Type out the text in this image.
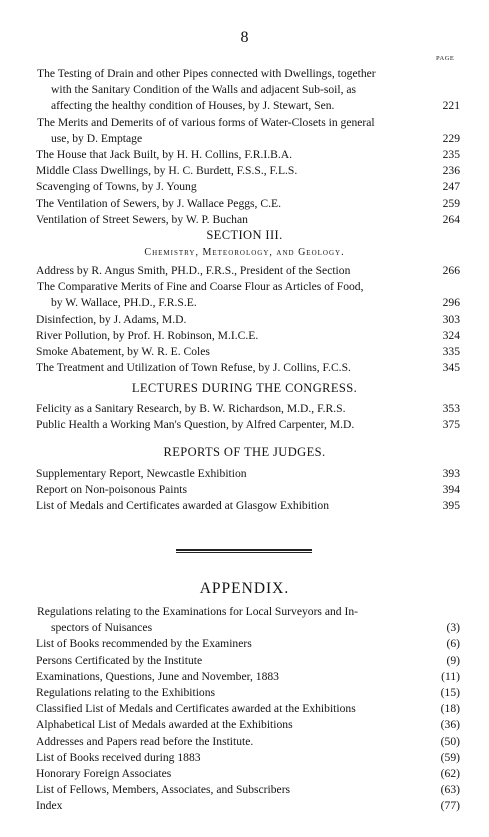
8
PAGE
The Testing of Drain and other Pipes connected with Dwellings, together
with the Sanitary Condition of the Walls and adjacent Sub-soil, as
affecting the healthy condition of Houses, by J. Stewart, Sen.	221
The Merits and Demerits of of various forms of Water-Closets in general
use, by D. Emptage	229
The House that Jack Built, by H. H. Collins, F.R.I.B.A.	235
Middle Class Dwellings, by H. C. Burdett, F.S.S., F.L.S.	236
Scavenging of Towns, by J. Young	247
The Ventilation of Sewers, by J. Wallace Peggs, C.E.	259
Ventilation of Street Sewers, by W. P. Buchan	264
SECTION III.
Chemistry, Meteorology, and Geology.
Address by R. Angus Smith, PH.D., F.R.S., President of the Section	266
The Comparative Merits of Fine and Coarse Flour as Articles of Food,
by W. Wallace, PH.D., F.R.S.E.	296
Disinfection, by J. Adams, M.D.	303
River Pollution, by Prof. H. Robinson, M.I.C.E.	324
Smoke Abatement, by W. R. E. Coles	335
The Treatment and Utilization of Town Refuse, by J. Collins, F.C.S.	345
LECTURES DURING THE CONGRESS.
Felicity as a Sanitary Research, by B. W. Richardson, M.D., F.R.S.	353
Public Health a Working Man's Question, by Alfred Carpenter, M.D.	375
REPORTS OF THE JUDGES.
Supplementary Report, Newcastle Exhibition	393
Report on Non-poisonous Paints	394
List of Medals and Certificates awarded at Glasgow Exhibition	395
APPENDIX.
Regulations relating to the Examinations for Local Surveyors and In-
spectors of Nuisances	(3)
List of Books recommended by the Examiners	(6)
Persons Certificated by the Institute	(9)
Examinations, Questions, June and November, 1883	(11)
Regulations relating to the Exhibitions	(15)
Classified List of Medals and Certificates awarded at the Exhibitions	(18)
Alphabetical List of Medals awarded at the Exhibitions	(36)
Addresses and Papers read before the Institute.	(50)
List of Books received during 1883	(59)
Honorary Foreign Associates	(62)
List of Fellows, Members, Associates, and Subscribers	(63)
Index	(77)
